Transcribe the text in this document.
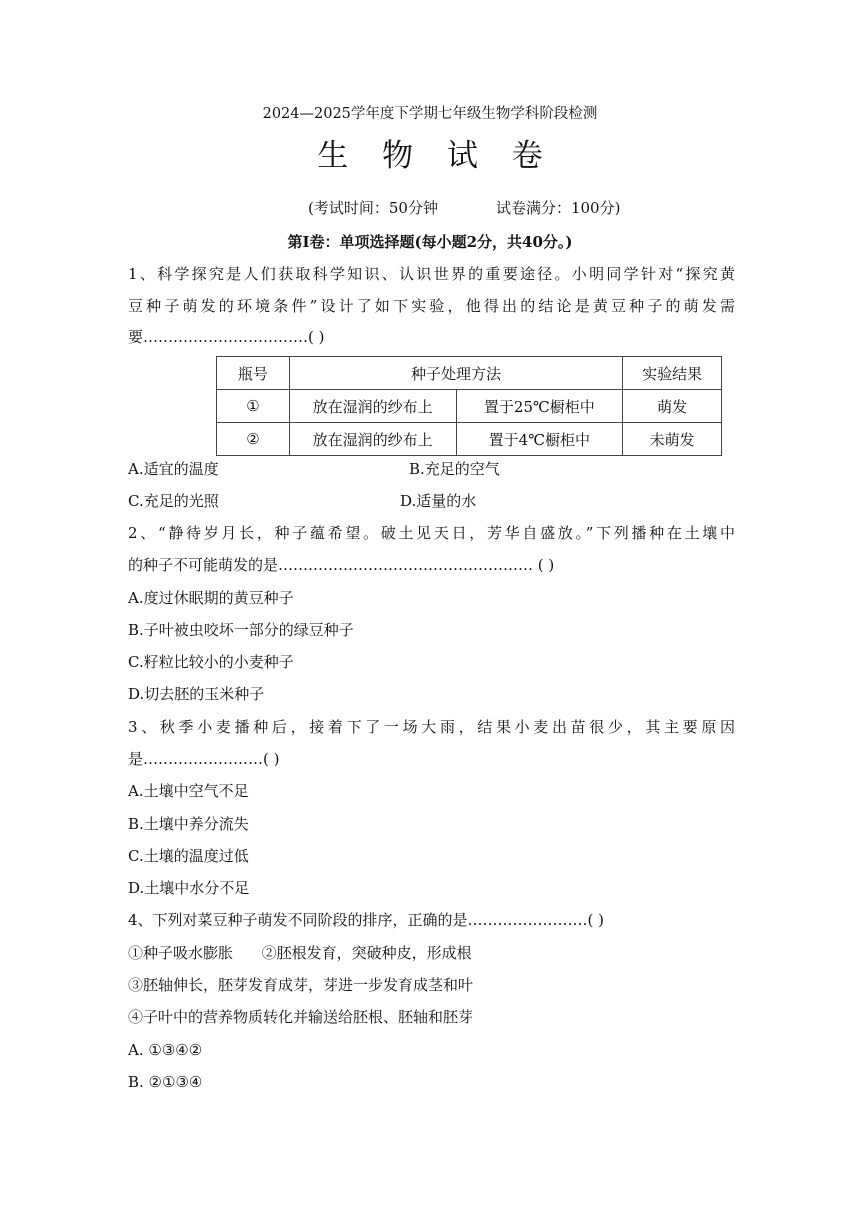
2024—2025学年度下学期七年级生物学科阶段检测
生 物 试 卷
(考试时间：50分钟	试卷满分：100分)
第Ⅰ卷：单项选择题(每小题2分，共40分。)
1、科学探究是人们获取科学知识、认识世界的重要途径。小明同学针对“探究黄
豆种子萌发的环境条件”设计了如下实验，他得出的结论是黄豆种子的萌发需
要……………………………( )
瓶号	种子处理方法		实验结果
①	放在湿润的纱布上	置于25℃橱柜中	萌发
②	放在湿润的纱布上	置于4℃橱柜中	未萌发
A.适宜的温度	B.充足的空气
C.充足的光照	D.适量的水
2、“静待岁月长，种子蕴希望。破土见天日，芳华自盛放。”下列播种在土壤中
的种子不可能萌发的是…………………………………………… ( )
A.度过休眠期的黄豆种子
B.子叶被虫咬坏一部分的绿豆种子
C.籽粒比较小的小麦种子
D.切去胚的玉米种子
3、秋季小麦播种后，接着下了一场大雨，结果小麦出苗很少，其主要原因
是……………………( )
A.土壤中空气不足
B.土壤中养分流失
C.土壤的温度过低
D.土壤中水分不足
4、下列对菜豆种子萌发不同阶段的排序，正确的是……………………( )
①种子吸水膨胀      ②胚根发育，突破种皮，形成根
③胚轴伸长，胚芽发育成芽，芽进一步发育成茎和叶
④子叶中的营养物质转化并输送给胚根、胚轴和胚芽
A. ①③④②
B. ②①③④
